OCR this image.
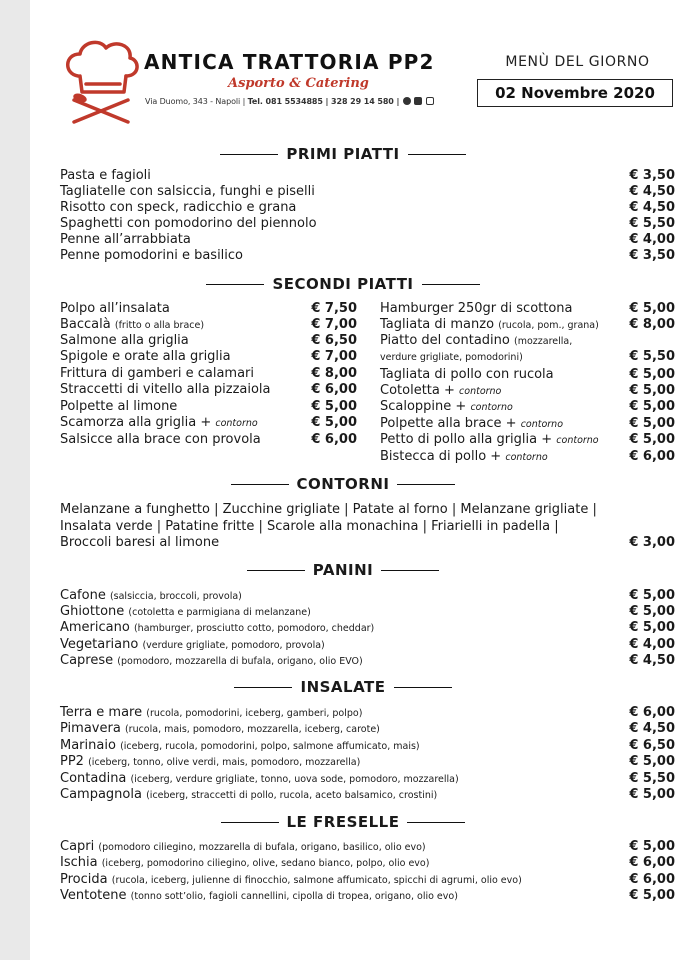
ANTICA TRATTORIA PP2
Asporto & Catering
Via Duomo, 343 - Napoli | Tel. 081 5534885 | 328 29 14 580 |
MENÙ DEL GIORNO
02 Novembre 2020
PRIMI PIATTI
Pasta e fagioli	€ 3,50
Tagliatelle con salsiccia, funghi e piselli	€ 4,50
Risotto con speck, radicchio e grana	€ 4,50
Spaghetti con pomodorino del piennolo	€ 5,50
Penne all’arrabbiata	€ 4,00
Penne pomodorini e basilico	€ 3,50
SECONDI PIATTI
Polpo all’insalata	€ 7,50
Baccalà (fritto o alla brace)	€ 7,00
Salmone alla griglia	€ 6,50
Spigole e orate alla griglia	€ 7,00
Frittura di gamberi e calamari	€ 8,00
Straccetti di vitello alla pizzaiola	€ 6,00
Polpette al limone	€ 5,00
Scamorza alla griglia + contorno	€ 5,00
Salsicce alla brace con provola	€ 6,00
Hamburger 250gr di scottona	€ 5,00
Tagliata di manzo (rucola, pom., grana) € 8,00
Piatto del contadino (mozzarella,
verdure grigliate, pomodorini)	€ 5,50
Tagliata di pollo con rucola	€ 5,00
Cotoletta + contorno	€ 5,00
Scaloppine + contorno	€ 5,00
Polpette alla brace + contorno	€ 5,00
Petto di pollo alla griglia + contorno € 5,00
Bistecca di pollo + contorno	€ 6,00
CONTORNI
Melanzane a funghetto | Zucchine grigliate | Patate al forno | Melanzane grigliate | Insalata verde | Patatine fritte | Scarole alla monachina | Friarielli in padella | Broccoli baresi al limone	€ 3,00
PANINI
Cafone (salsiccia, broccoli, provola)	€ 5,00
Ghiottone (cotoletta e parmigiana di melanzane)	€ 5,00
Americano (hamburger, prosciutto cotto, pomodoro, cheddar)	€ 5,00
Vegetariano (verdure grigliate, pomodoro, provola)	€ 4,00
Caprese (pomodoro, mozzarella di bufala, origano, olio EVO)	€ 4,50
INSALATE
Terra e mare (rucola, pomodorini, iceberg, gamberi, polpo)	€ 6,00
Pimavera (rucola, mais, pomodoro, mozzarella, iceberg, carote)	€ 4,50
Marinaio (iceberg, rucola, pomodorini, polpo, salmone affumicato, mais)	€ 6,50
PP2 (iceberg, tonno, olive verdi, mais, pomodoro, mozzarella)	€ 5,00
Contadina (iceberg, verdure grigliate, tonno, uova sode, pomodoro, mozzarella)	€ 5,50
Campagnola (iceberg, straccetti di pollo, rucola, aceto balsamico, crostini)	€ 5,00
LE FRESELLE
Capri (pomodoro ciliegino, mozzarella di bufala, origano, basilico, olio evo)	€ 5,00
Ischia (iceberg, pomodorino ciliegino, olive, sedano bianco, polpo, olio evo)	€ 6,00
Procida (rucola, iceberg, julienne di finocchio, salmone affumicato, spicchi di agrumi, olio evo)	€ 6,00
Ventotene (tonno sott’olio, fagioli cannellini, cipolla di tropea, origano, olio evo)	€ 5,00
